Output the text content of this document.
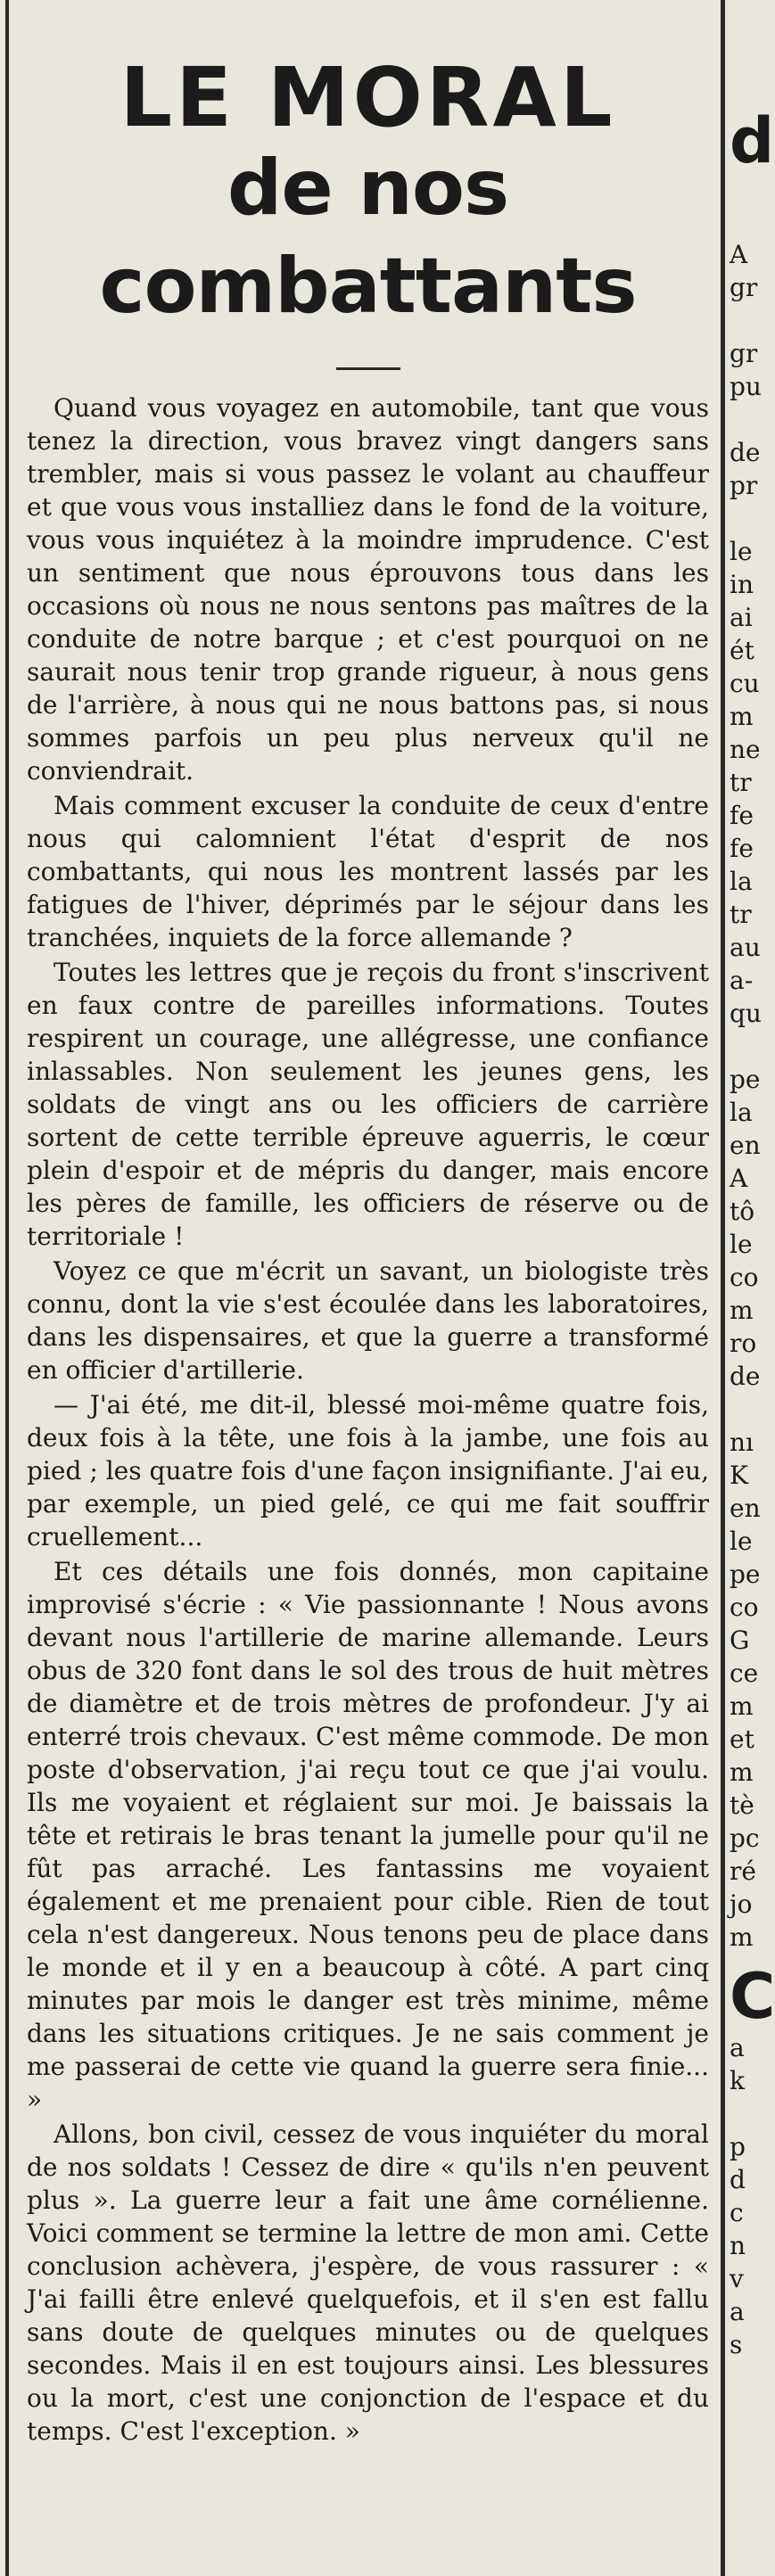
LE MORAL
de nos combattants

Quand vous voyagez en automobile, tant que vous tenez la direction, vous bravez vingt dangers sans trembler, mais si vous passez le volant au chauffeur et que vous vous installiez dans le fond de la voiture, vous vous inquiétez à la moindre imprudence. C'est un sentiment que nous éprouvons tous dans les occasions où nous ne nous sentons pas maîtres de la conduite de notre barque ; et c'est pourquoi on ne saurait nous tenir trop grande rigueur, à nous gens de l'arrière, à nous qui ne nous battons pas, si nous sommes parfois un peu plus nerveux qu'il ne conviendrait.

Mais comment excuser la conduite de ceux d'entre nous qui calomnient l'état d'esprit de nos combattants, qui nous les montrent lassés par les fatigues de l'hiver, déprimés par le séjour dans les tranchées, inquiets de la force allemande ?

Toutes les lettres que je reçois du front s'inscrivent en faux contre de pareilles informations. Toutes respirent un courage, une allégresse, une confiance inlassables. Non seulement les jeunes gens, les soldats de vingt ans ou les officiers de carrière sortent de cette terrible épreuve aguerris, le cœur plein d'espoir et de mépris du danger, mais encore les pères de famille, les officiers de réserve ou de territoriale !

Voyez ce que m'écrit un savant, un biologiste très connu, dont la vie s'est écoulée dans les laboratoires, dans les dispensaires, et que la guerre a transformé en officier d'artillerie.

— J'ai été, me dit-il, blessé moi-même quatre fois, deux fois à la tête, une fois à la jambe, une fois au pied ; les quatre fois d'une façon insignifiante. J'ai eu, par exemple, un pied gelé, ce qui me fait souffrir cruellement...

Et ces détails une fois donnés, mon capitaine improvisé s'écrie : « Vie passionnante ! Nous avons devant nous l'artillerie de marine allemande. Leurs obus de 320 font dans le sol des trous de huit mètres de diamètre et de trois mètres de profondeur. J'y ai enterré trois chevaux. C'est même commode. De mon poste d'observation, j'ai reçu tout ce que j'ai voulu. Ils me voyaient et réglaient sur moi. Je baissais la tête et retirais le bras tenant la jumelle pour qu'il ne fût pas arraché. Les fantassins me voyaient également et me prenaient pour cible. Rien de tout cela n'est dangereux. Nous tenons peu de place dans le monde et il y en a beaucoup à côté. A part cinq minutes par mois le danger est très minime, même dans les situations critiques. Je ne sais comment je me passerai de cette vie quand la guerre sera finie... »

Allons, bon civil, cessez de vous inquiéter du moral de nos soldats ! Cessez de dire « qu'ils n'en peuvent plus ». La guerre leur a fait une âme cornélienne. Voici comment se termine la lettre de mon ami. Cette conclusion achèvera, j'espère, de vous rassurer : « J'ai failli être enlevé quelquefois, et il s'en est fallu sans doute de quelques minutes ou de quelques secondes. Mais il en est toujours ainsi. Les blessures ou la mort, c'est une conjonction de l'espace et du temps. C'est l'exception. »

d
A
gr

gr
pu

de
pr

le
in
ai
ét
cu
m
ne
tr
fe
fe
la
tr
au
a-
qu

pe
la
en
A
tô
le
co
m
ro
de

nı
K
en
le
pe
co
G
ce
m
et
m
tè
pc
ré
jo
m
C
a
k

p
d
c
n
v
a
s
